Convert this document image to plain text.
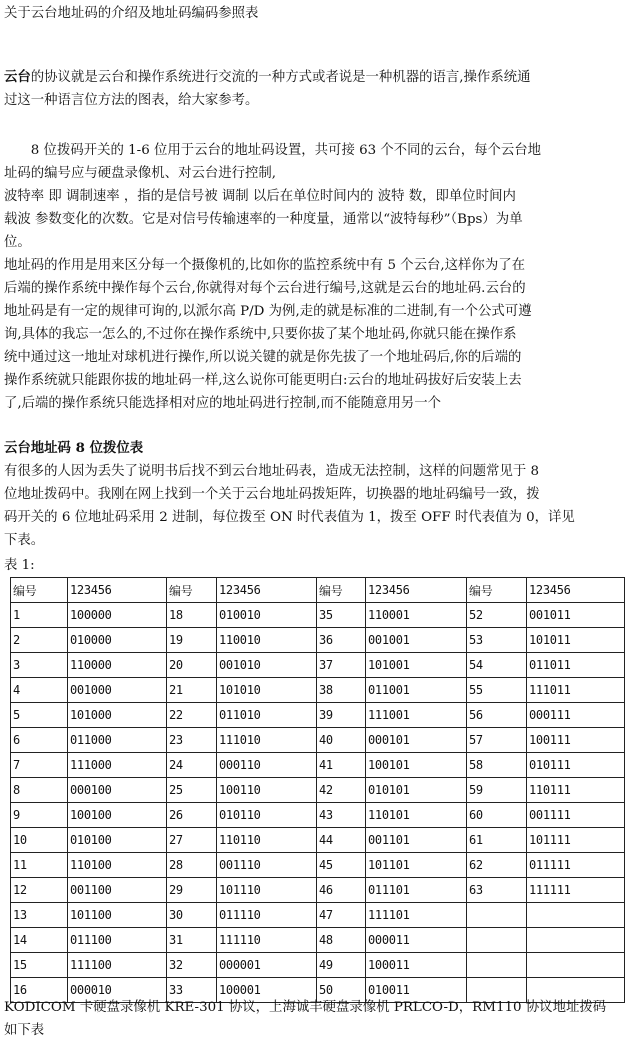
关于云台地址码的介绍及地址码编码参照表
云台的协议就是云台和操作系统进行交流的一种方式或者说是一种机器的语言,操作系统通
过这一种语言位方法的图表，给大家参考。
　　8 位拨码开关的 1-6 位用于云台的地址码设置，共可接 63 个不同的云台，每个云台地
址码的编号应与硬盘录像机、对云台进行控制,
波特率 即 调制速率 ，指的是信号被 调制 以后在单位时间内的 波特 数，即单位时间内
载波 参数变化的次数。它是对信号传输速率的一种度量，通常以“波特每秒”（Bps）为单
位。
地址码的作用是用来区分每一个摄像机的,比如你的监控系统中有 5 个云台,这样你为了在
后端的操作系统中操作每个云台,你就得对每个云台进行编号,这就是云台的地址码.云台的
地址码是有一定的规律可询的,以派尔高 P/D 为例,走的就是标准的二进制,有一个公式可遵
询,具体的我忘一怎么的,不过你在操作系统中,只要你拔了某个地址码,你就只能在操作系
统中通过这一地址对球机进行操作,所以说关键的就是你先拔了一个地址码后,你的后端的
操作系统就只能跟你拔的地址码一样,这么说你可能更明白:云台的地址码拔好后安装上去
了,后端的操作系统只能选择相对应的地址码进行控制,而不能随意用另一个
云台地址码 8 位拨位表
有很多的人因为丢失了说明书后找不到云台地址码表，造成无法控制，这样的问题常见于 8
位地址拨码中。我刚在网上找到一个关于云台地址码拨矩阵，切换器的地址码编号一致，拨
码开关的 6 位地址码采用 2 进制，每位拨至 ON 时代表值为 1，拨至 OFF 时代表值为 0，详见
下表。
表 1:
编号	123456	编号	123456	编号	123456	编号	123456
1	100000	18	010010	35	110001	52	001011
2	010000	19	110010	36	001001	53	101011
3	110000	20	001010	37	101001	54	011011
4	001000	21	101010	38	011001	55	111011
5	101000	22	011010	39	111001	56	000111
6	011000	23	111010	40	000101	57	100111
7	111000	24	000110	41	100101	58	010111
8	000100	25	100110	42	010101	59	110111
9	100100	26	010110	43	110101	60	001111
10	010100	27	110110	44	001101	61	101111
11	110100	28	001110	45	101101	62	011111
12	001100	29	101110	46	011101	63	111111
13	101100	30	011110	47	111101		
14	011100	31	111110	48	000011		
15	111100	32	000001	49	100011		
16	000010	33	100001	50	010011		
KODICOM 卡硬盘录像机 KRE-301 协议，上海诚丰硬盘录像机 PRLCO-D，RM110 协议地址拨码
如下表
